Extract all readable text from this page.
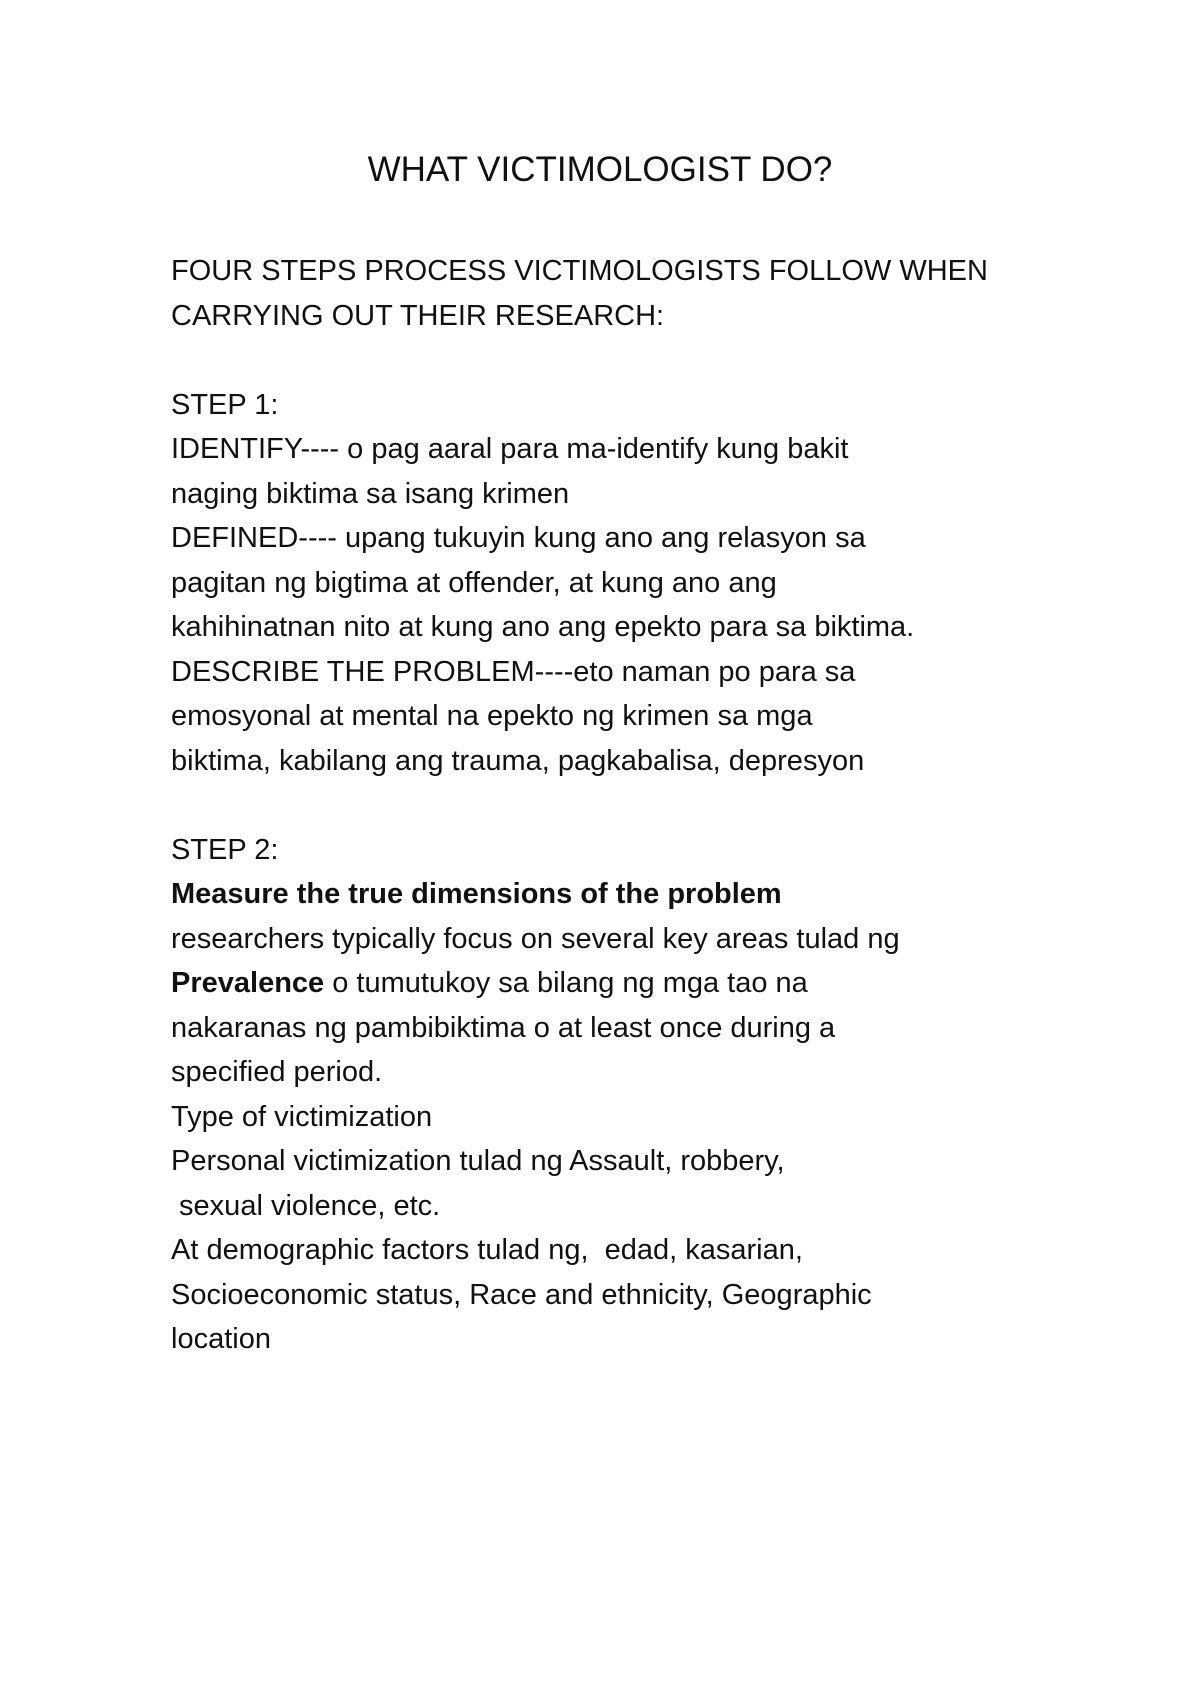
WHAT VICTIMOLOGIST DO?
FOUR STEPS PROCESS VICTIMOLOGISTS FOLLOW WHEN
CARRYING OUT THEIR RESEARCH:
STEP 1:
IDENTIFY---- o pag aaral para ma-identify kung bakit
naging biktima sa isang krimen
DEFINED---- upang tukuyin kung ano ang relasyon sa
pagitan ng bigtima at offender, at kung ano ang
kahihinatnan nito at kung ano ang epekto para sa biktima.
DESCRIBE THE PROBLEM----eto naman po para sa
emosyonal at mental na epekto ng krimen sa mga
biktima, kabilang ang trauma, pagkabalisa, depresyon
STEP 2:
Measure the true dimensions of the problem
researchers typically focus on several key areas tulad ng
Prevalence o tumutukoy sa bilang ng mga tao na
nakaranas ng pambibiktima o at least once during a
specified period.
Type of victimization
Personal victimization tulad ng Assault, robbery,
sexual violence, etc.
At demographic factors tulad ng,  edad, kasarian,
Socioeconomic status, Race and ethnicity, Geographic
location
